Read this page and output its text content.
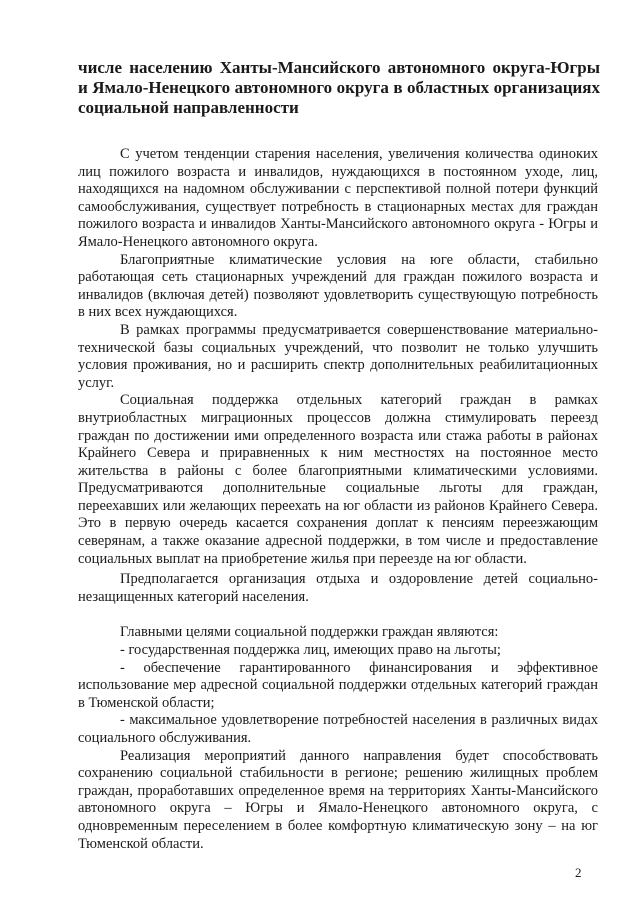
числе населению Ханты-Мансийского автономного округа-Югры и Ямало-Ненецкого автономного округа в областных организациях социальной направленности

С учетом тенденции старения населения, увеличения количества одиноких лиц пожилого возраста и инвалидов, нуждающихся в постоянном уходе, лиц, находящихся на надомном обслуживании с перспективой полной потери функций самообслуживания, существует потребность в стационарных местах для граждан пожилого возраста и инвалидов Ханты-Мансийского автономного округа - Югры и Ямало-Ненецкого автономного округа.

Благоприятные климатические условия на юге области, стабильно работающая сеть стационарных учреждений для граждан пожилого возраста и инвалидов (включая детей) позволяют удовлетворить существующую потребность в них всех нуждающихся.

В рамках программы предусматривается совершенствование материально-технической базы социальных учреждений, что позволит не только улучшить условия проживания, но и расширить спектр дополнительных реабилитационных услуг.

Социальная поддержка отдельных категорий граждан в рамках внутриобластных миграционных процессов должна стимулировать переезд граждан по достижении ими определенного возраста или стажа работы в районах Крайнего Севера и приравненных к ним местностях на постоянное место жительства в районы с более благоприятными климатическими условиями. Предусматриваются дополнительные социальные льготы для граждан, переехавших или желающих переехать на юг области из районов Крайнего Севера. Это в первую очередь касается сохранения доплат к пенсиям переезжающим северянам, а также оказание адресной поддержки, в том числе и предоставление социальных выплат на приобретение жилья при переезде на юг области.

Предполагается организация отдыха и оздоровление детей социально-незащищенных категорий населения.

Главными целями социальной поддержки граждан являются:

- государственная поддержка лиц, имеющих право на льготы;

- обеспечение гарантированного финансирования и эффективное использование мер адресной социальной поддержки отдельных категорий граждан в Тюменской области;

- максимальное удовлетворение потребностей населения в различных видах социального обслуживания.

Реализация мероприятий данного направления будет способствовать сохранению социальной стабильности в регионе; решению жилищных проблем граждан, проработавших определенное время на территориях Ханты-Мансийского автономного округа – Югры и Ямало-Ненецкого автономного округа, с одновременным переселением в более комфортную климатическую зону – на юг Тюменской области.

2
